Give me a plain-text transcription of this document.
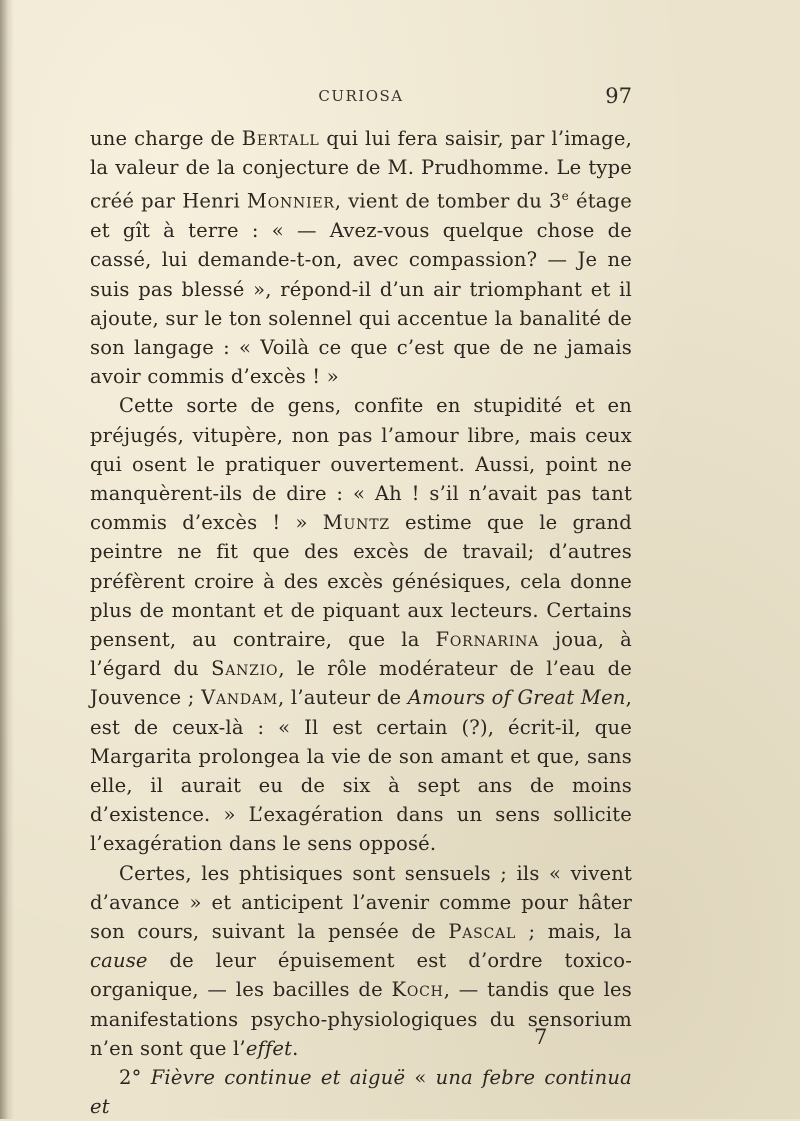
CURIOSA	97

une charge de Bertall qui lui fera saisir, par l’image, la valeur de la conjecture de M. Prudhomme. Le type créé par Henri Monnier, vient de tomber du 3e étage et gît à terre : « — Avez-vous quelque chose de cassé, lui demande-t-on, avec compassion? — Je ne suis pas blessé », répond-il d’un air triomphant et il ajoute, sur le ton solennel qui accentue la banalité de son langage : « Voilà ce que c’est que de ne jamais avoir commis d’excès ! »

Cette sorte de gens, confite en stupidité et en préjugés, vitupère, non pas l’amour libre, mais ceux qui osent le pratiquer ouvertement. Aussi, point ne manquèrent-ils de dire : « Ah ! s’il n’avait pas tant commis d’excès ! » Muntz estime que le grand peintre ne fit que des excès de travail; d’autres préfèrent croire à des excès génésiques, cela donne plus de montant et de piquant aux lecteurs. Certains pensent, au contraire, que la Fornarina joua, à l’égard du Sanzio, le rôle modérateur de l’eau de Jouvence ; Vandam, l’auteur de Amours of Great Men, est de ceux-là : « Il est certain (?), écrit-il, que Margarita prolongea la vie de son amant et que, sans elle, il aurait eu de six à sept ans de moins d’existence. » L’exagération dans un sens sollicite l’exagération dans le sens opposé.

Certes, les phtisiques sont sensuels ; ils « vivent d’avance » et anticipent l’avenir comme pour hâter son cours, suivant la pensée de Pascal ; mais, la cause de leur épuisement est d’ordre toxico-organique, — les bacilles de Koch, — tandis que les manifestations psycho-physiologiques du sensorium n’en sont que l’effet.

2° Fièvre continue et aiguë « una febre continua et

7
